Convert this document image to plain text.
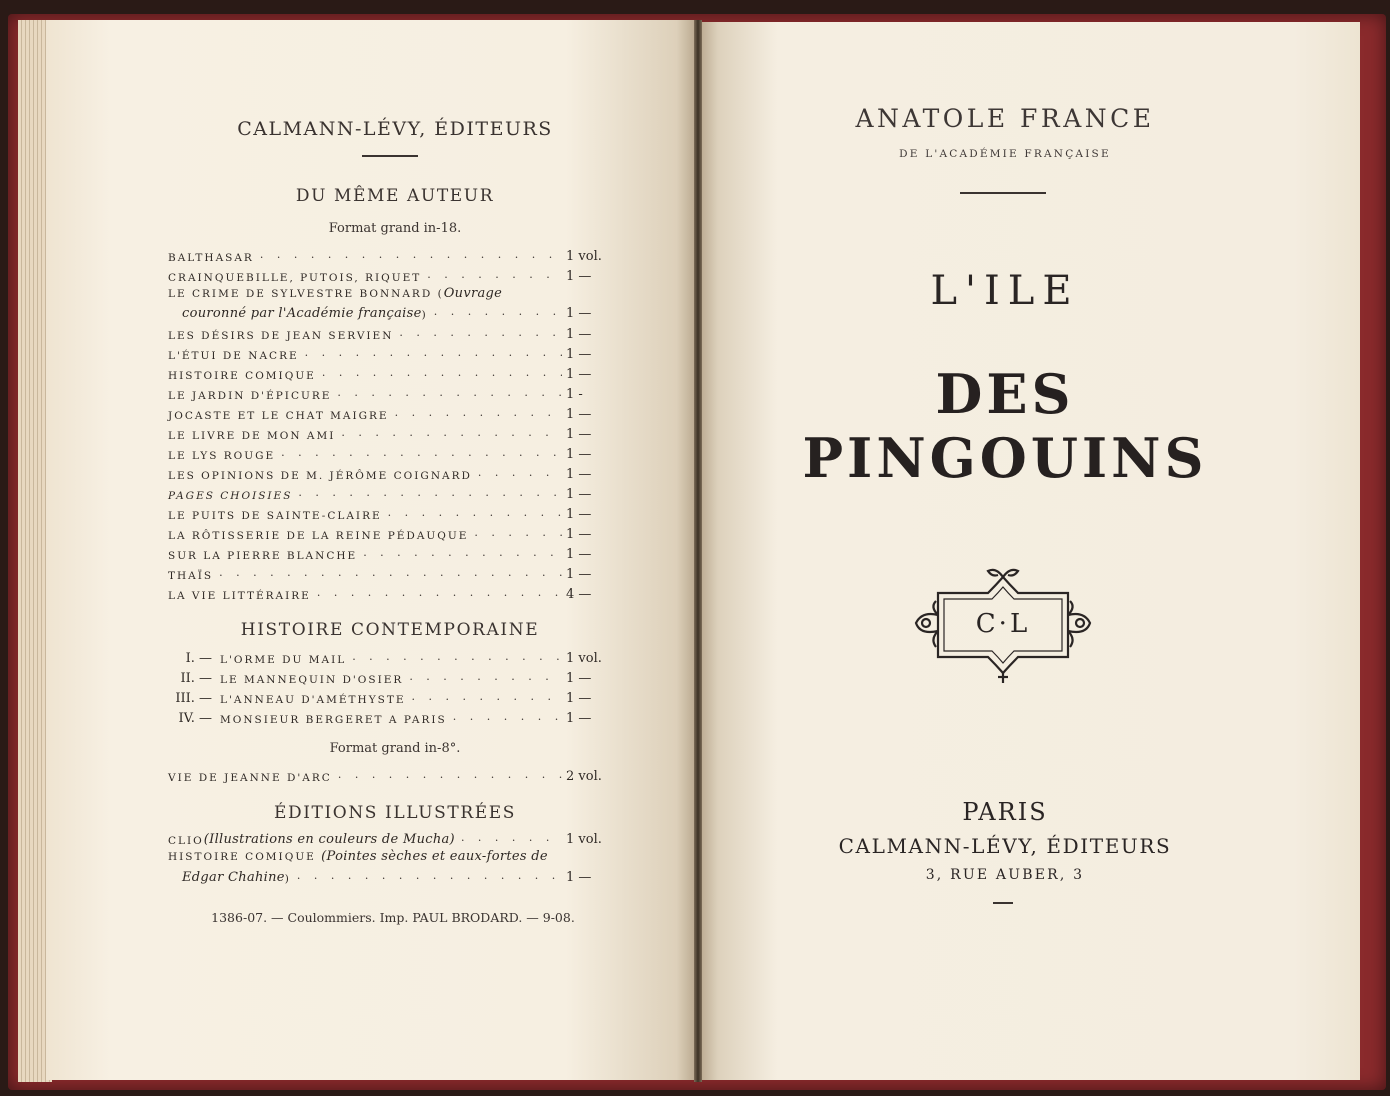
CALMANN-LÉVY, ÉDITEURS
DU MÊME AUTEUR
Format grand in-18.
BALTHASAR . . .	1 vol.
CRAINQUEBILLE, PUTOIS, RIQUET . . .	1 —
LE CRIME DE SYLVESTRE BONNARD (Ouvrage
couronné par l'Académie française ) . . .	1 —
LES DÉSIRS DE JEAN SERVIEN . . .	1 —
L'ÉTUI DE NACRE . . .	1 —
HISTOIRE COMIQUE . . .	1 —
LE JARDIN D'ÉPICURE . . .	1 -
JOCASTE ET LE CHAT MAIGRE . . .	1 —
LE LIVRE DE MON AMI . . .	1 —
LE LYS ROUGE . . .	1 —
LES OPINIONS DE M. JÉRÔME COIGNARD . . .	1 —
PAGES CHOISIES . . .	1 —
LE PUITS DE SAINTE-CLAIRE . . .	1 —
LA RÔTISSERIE DE LA REINE PÉDAUQUE . . .	1 —
SUR LA PIERRE BLANCHE . . .	1 —
THAÏS . . .	1 —
LA VIE LITTÉRAIRE . . .	4 —
HISTOIRE CONTEMPORAINE
I. — L'ORME DU MAIL . . .	1 vol.
II. — LE MANNEQUIN D'OSIER . . .	1 —
III. — L'ANNEAU D'AMÉTHYSTE . . .	1 —
IV. — MONSIEUR BERGERET A PARIS . . .	1 —
Format grand in-8°.
VIE DE JEANNE D'ARC . . .	2 vol.
ÉDITIONS ILLUSTRÉES
CLIO (Illustrations en couleurs de Mucha) . . .	1 vol.
HISTOIRE COMIQUE (Pointes sèches et eaux-fortes de
Edgar Chahine ) . . .	1 —
1386-07. — Coulommiers. Imp. PAUL BRODARD. — 9-08.
ANATOLE FRANCE
DE L'ACADÉMIE FRANÇAISE
L'ILE
DES PINGOUINS
C·L
PARIS
CALMANN-LÉVY, ÉDITEURS
3, RUE AUBER, 3
